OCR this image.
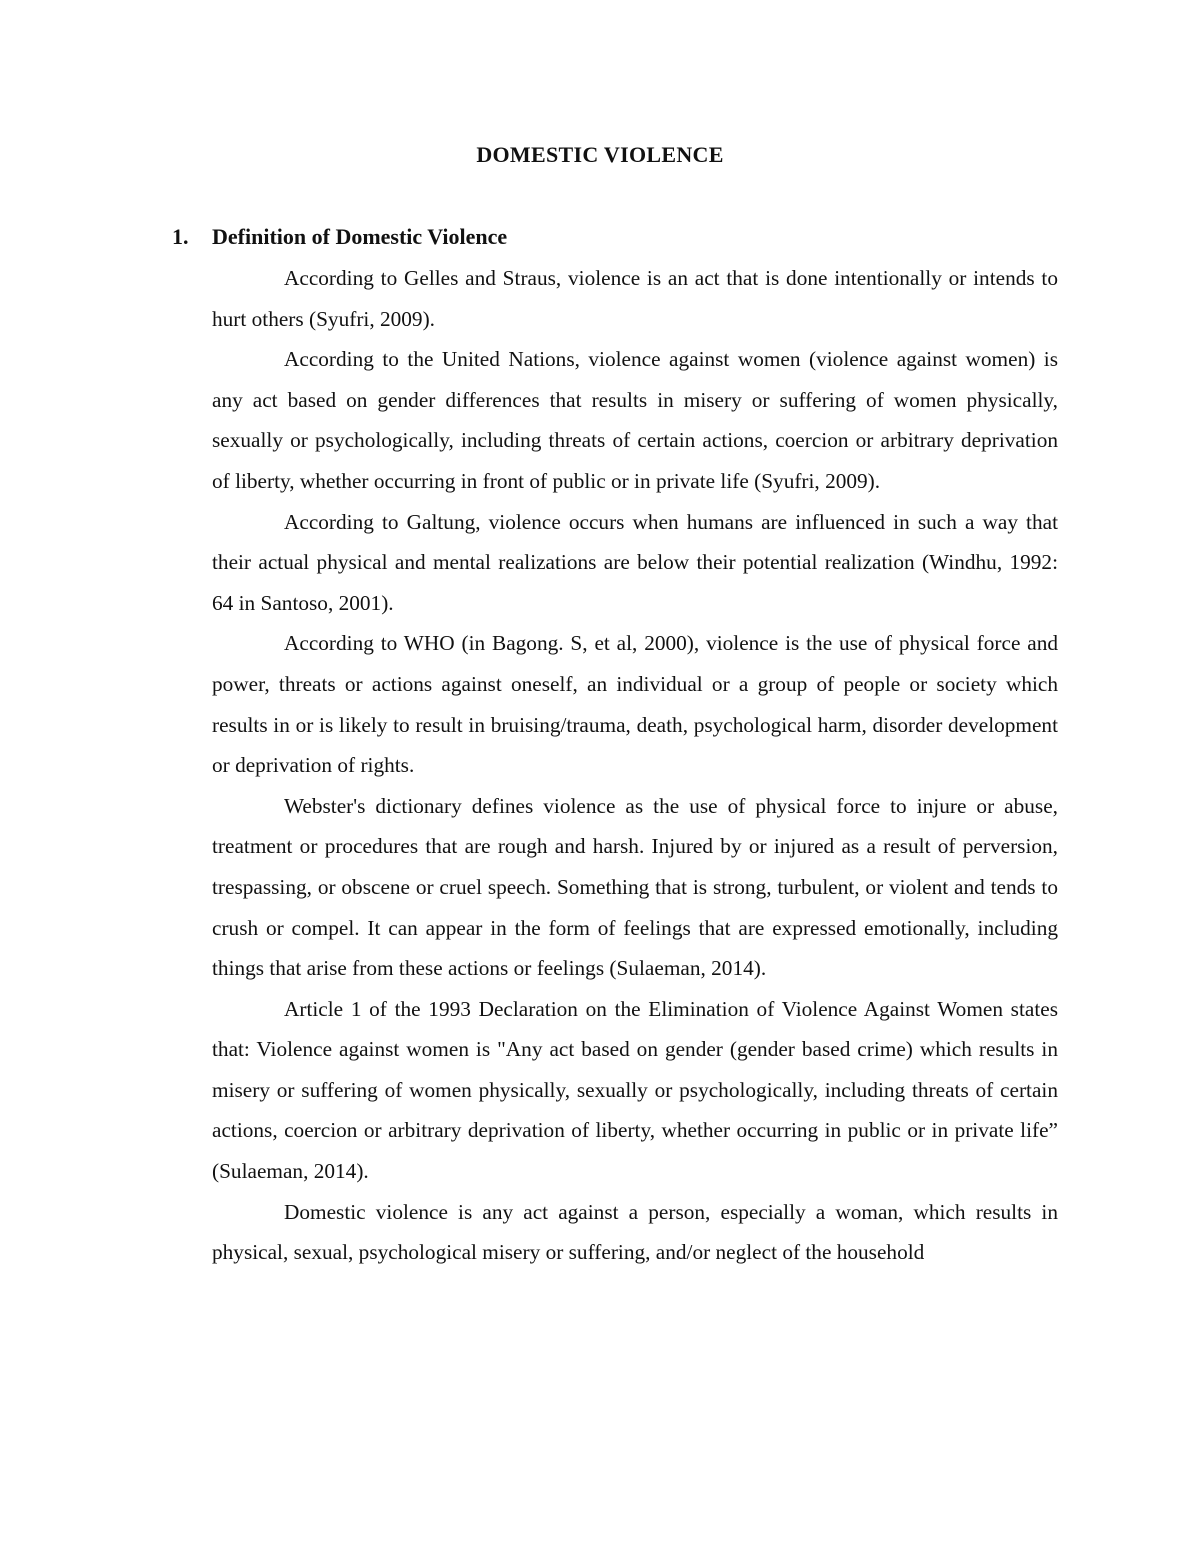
DOMESTIC VIOLENCE
1. Definition of Domestic Violence

According to Gelles and Straus, violence is an act that is done intentionally or intends to hurt others (Syufri, 2009).

According to the United Nations, violence against women (violence against women) is any act based on gender differences that results in misery or suffering of women physically, sexually or psychologically, including threats of certain actions, coercion or arbitrary deprivation of liberty, whether occurring in front of public or in private life (Syufri, 2009).

According to Galtung, violence occurs when humans are influenced in such a way that their actual physical and mental realizations are below their potential realization (Windhu, 1992: 64 in Santoso, 2001).

According to WHO (in Bagong. S, et al, 2000), violence is the use of physical force and power, threats or actions against oneself, an individual or a group of people or society which results in or is likely to result in bruising/trauma, death, psychological harm, disorder development or deprivation of rights.

Webster's dictionary defines violence as the use of physical force to injure or abuse, treatment or procedures that are rough and harsh. Injured by or injured as a result of perversion, trespassing, or obscene or cruel speech. Something that is strong, turbulent, or violent and tends to crush or compel. It can appear in the form of feelings that are expressed emotionally, including things that arise from these actions or feelings (Sulaeman, 2014).

Article 1 of the 1993 Declaration on the Elimination of Violence Against Women states that: Violence against women is "Any act based on gender (gender based crime) which results in misery or suffering of women physically, sexually or psychologically, including threats of certain actions, coercion or arbitrary deprivation of liberty, whether occurring in public or in private life” (Sulaeman, 2014).

Domestic violence is any act against a person, especially a woman, which results in physical, sexual, psychological misery or suffering, and/or neglect of the household
